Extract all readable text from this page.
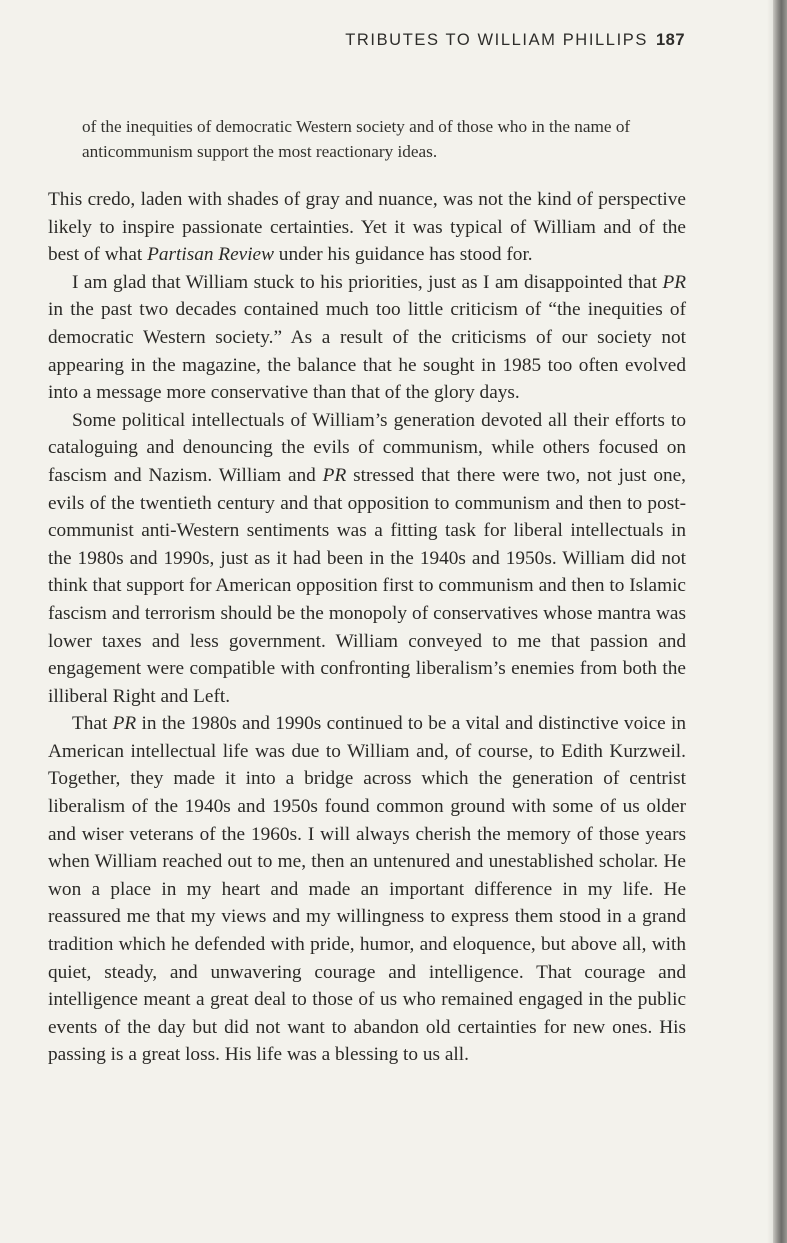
TRIBUTES TO WILLIAM PHILLIPS 187

of the inequities of democratic Western society and of those who in the name of anticommunism support the most reactionary ideas.

This credo, laden with shades of gray and nuance, was not the kind of perspective likely to inspire passionate certainties. Yet it was typical of William and of the best of what Partisan Review under his guidance has stood for.

I am glad that William stuck to his priorities, just as I am disappointed that PR in the past two decades contained much too little criticism of “the inequities of democratic Western society.” As a result of the criticisms of our society not appearing in the magazine, the balance that he sought in 1985 too often evolved into a message more conservative than that of the glory days.

Some political intellectuals of William’s generation devoted all their efforts to cataloguing and denouncing the evils of communism, while others focused on fascism and Nazism. William and PR stressed that there were two, not just one, evils of the twentieth century and that opposition to communism and then to post-communist anti-Western sentiments was a fitting task for liberal intellectuals in the 1980s and 1990s, just as it had been in the 1940s and 1950s. William did not think that support for American opposition first to communism and then to Islamic fascism and terrorism should be the monopoly of conservatives whose mantra was lower taxes and less government. William conveyed to me that passion and engagement were compatible with confronting liberalism’s enemies from both the illiberal Right and Left.

That PR in the 1980s and 1990s continued to be a vital and distinctive voice in American intellectual life was due to William and, of course, to Edith Kurzweil. Together, they made it into a bridge across which the generation of centrist liberalism of the 1940s and 1950s found common ground with some of us older and wiser veterans of the 1960s. I will always cherish the memory of those years when William reached out to me, then an untenured and unestablished scholar. He won a place in my heart and made an important difference in my life. He reassured me that my views and my willingness to express them stood in a grand tradition which he defended with pride, humor, and eloquence, but above all, with quiet, steady, and unwavering courage and intelligence. That courage and intelligence meant a great deal to those of us who remained engaged in the public events of the day but did not want to abandon old certainties for new ones. His passing is a great loss. His life was a blessing to us all.
